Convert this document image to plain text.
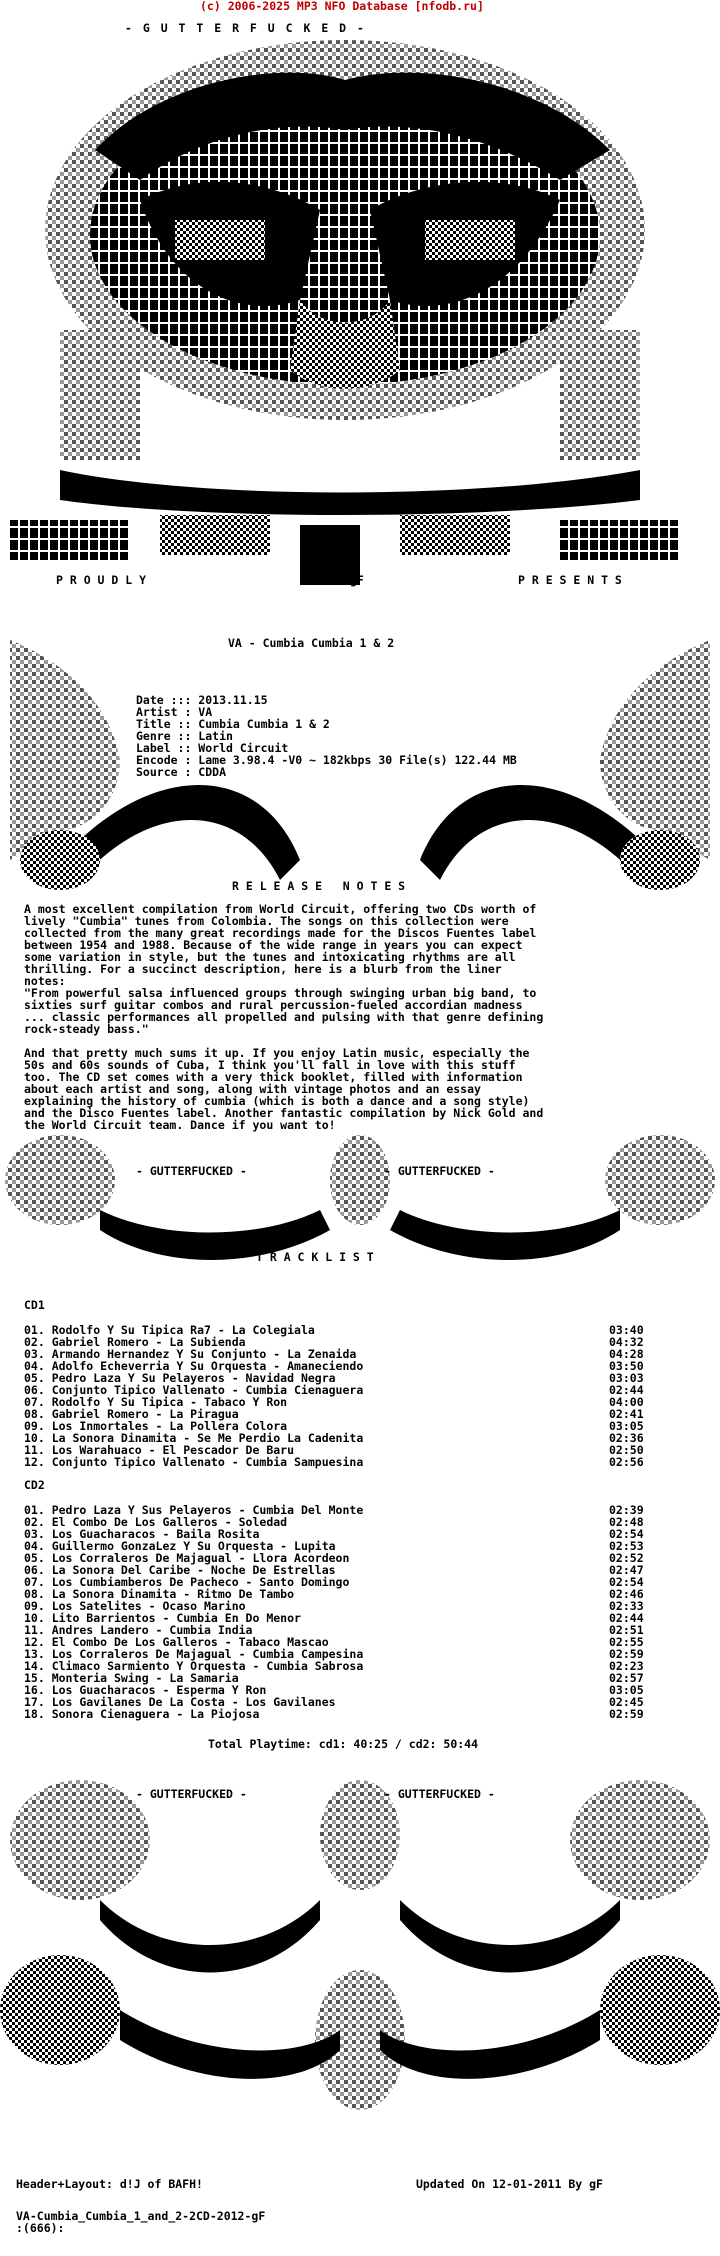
(c) 2006-2025 MP3 NFO Database [nfodb.ru]
- G U T T E R F U C K E D -
d!J/BAFH!
P R O U D L Y	gF	P R E S E N T S
VA - Cumbia Cumbia 1 & 2
Date ::: 2013.11.15
Artist : VA
Title :: Cumbia Cumbia 1 & 2
Genre :: Latin
Label :: World Circuit
Encode : Lame 3.98.4 -V0 ~ 182kbps 30 File(s) 122.44 MB
Source : CDDA
R E L E A S E   N O T E S
A most excellent compilation from World Circuit, offering two CDs worth of
lively "Cumbia" tunes from Colombia. The songs on this collection were
collected from the many great recordings made for the Discos Fuentes label
between 1954 and 1988. Because of the wide range in years you can expect
some variation in style, but the tunes and intoxicating rhythms are all
thrilling. For a succinct description, here is a blurb from the liner
notes:
"From powerful salsa influenced groups through swinging urban big band, to
sixties surf guitar combos and rural percussion-fueled accordian madness
... classic performances all propelled and pulsing with that genre defining
rock-steady bass."
And that pretty much sums it up. If you enjoy Latin music, especially the
50s and 60s sounds of Cuba, I think you'll fall in love with this stuff
too. The CD set comes with a very thick booklet, filled with information
about each artist and song, along with vintage photos and an essay
explaining the history of cumbia (which is both a dance and a song style)
and the Disco Fuentes label. Another fantastic compilation by Nick Gold and
the World Circuit team. Dance if you want to!
- GUTTERFUCKED -	- GUTTERFUCKED -
T R A C K L I S T
CD1
01. Rodolfo Y Su Tipica Ra7 - La Colegiala	03:40
02. Gabriel Romero - La Subienda	04:32
03. Armando Hernandez Y Su Conjunto - La Zenaida	04:28
04. Adolfo Echeverria Y Su Orquesta - Amaneciendo	03:50
05. Pedro Laza Y Su Pelayeros - Navidad Negra	03:03
06. Conjunto Tipico Vallenato - Cumbia Cienaguera	02:44
07. Rodolfo Y Su Tipica - Tabaco Y Ron	04:00
08. Gabriel Romero - La Piragua	02:41
09. Los Inmortales - La Pollera Colora	03:05
10. La Sonora Dinamita - Se Me Perdio La Cadenita	02:36
11. Los Warahuaco - El Pescador De Baru	02:50
12. Conjunto Tipico Vallenato - Cumbia Sampuesina	02:56
CD2
01. Pedro Laza Y Sus Pelayeros - Cumbia Del Monte	02:39
02. El Combo De Los Galleros - Soledad	02:48
03. Los Guacharacos - Baila Rosita	02:54
04. Guillermo GonzaLez Y Su Orquesta - Lupita	02:53
05. Los Corraleros De Majagual - Llora Acordeon	02:52
06. La Sonora Del Caribe - Noche De Estrellas	02:47
07. Los Cumbiamberos De Pacheco - Santo Domingo	02:54
08. La Sonora Dinamita - Ritmo De Tambo	02:46
09. Los Satelites - Ocaso Marino	02:33
10. Lito Barrientos - Cumbia En Do Menor	02:44
11. Andres Landero - Cumbia India	02:51
12. El Combo De Los Galleros - Tabaco Mascao	02:55
13. Los Corraleros De Majagual - Cumbia Campesina	02:59
14. Climaco Sarmiento Y Orquesta - Cumbia Sabrosa	02:23
15. Monteria Swing - La Samaria	02:57
16. Los Guacharacos - Esperma Y Ron	03:05
17. Los Gavilanes De La Costa - Los Gavilanes	02:45
18. Sonora Cienaguera - La Piojosa	02:59
Total Playtime: cd1: 40:25 / cd2: 50:44
- GUTTERFUCKED -	- GUTTERFUCKED -
Header+Layout: d!J of BAFH!	Updated On 12-01-2011 By gF
VA-Cumbia_Cumbia_1_and_2-2CD-2012-gF
:(666):
